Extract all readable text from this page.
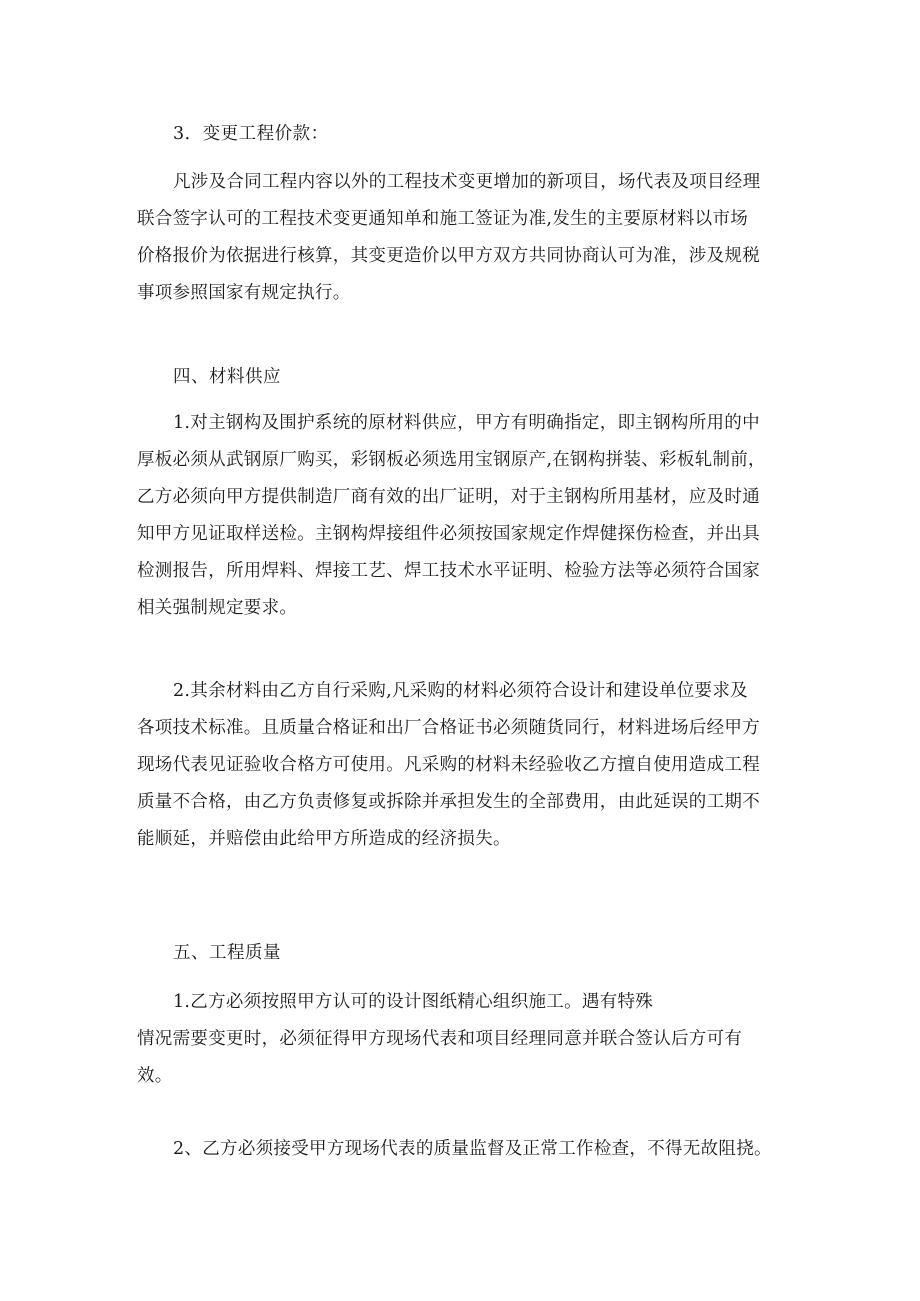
3．变更工程价款：
凡涉及合同工程内容以外的工程技术变更增加的新项目，场代表及项目经理
联合签字认可的工程技术变更通知单和施工签证为准,发生的主要原材料以市场
价格报价为依据进行核算，其变更造价以甲方双方共同协商认可为准，涉及规税
事项参照国家有规定执行。
四、材料供应
1.对主钢构及围护系统的原材料供应，甲方有明确指定，即主钢构所用的中
厚板必须从武钢原厂购买，彩钢板必须选用宝钢原产,在钢构拼装、彩板轧制前，
乙方必须向甲方提供制造厂商有效的出厂证明，对于主钢构所用基材，应及时通
知甲方见证取样送检。主钢构焊接组件必须按国家规定作焊健探伤检查，并出具
检测报告，所用焊料、焊接工艺、焊工技术水平证明、检验方法等必须符合国家
相关强制规定要求。
2.其余材料由乙方自行采购,凡采购的材料必须符合设计和建设单位要求及
各项技术标准。且质量合格证和出厂合格证书必须随货同行，材料进场后经甲方
现场代表见证验收合格方可使用。凡采购的材料未经验收乙方擅自使用造成工程
质量不合格，由乙方负责修复或拆除并承担发生的全部费用，由此延误的工期不
能顺延，并赔偿由此给甲方所造成的经济损失。
五、工程质量
1.乙方必须按照甲方认可的设计图纸精心组织施工。遇有特殊
情况需要变更时，必须征得甲方现场代表和项目经理同意并联合签认后方可有
效。
2、乙方必须接受甲方现场代表的质量监督及正常工作检查，不得无故阻挠。
